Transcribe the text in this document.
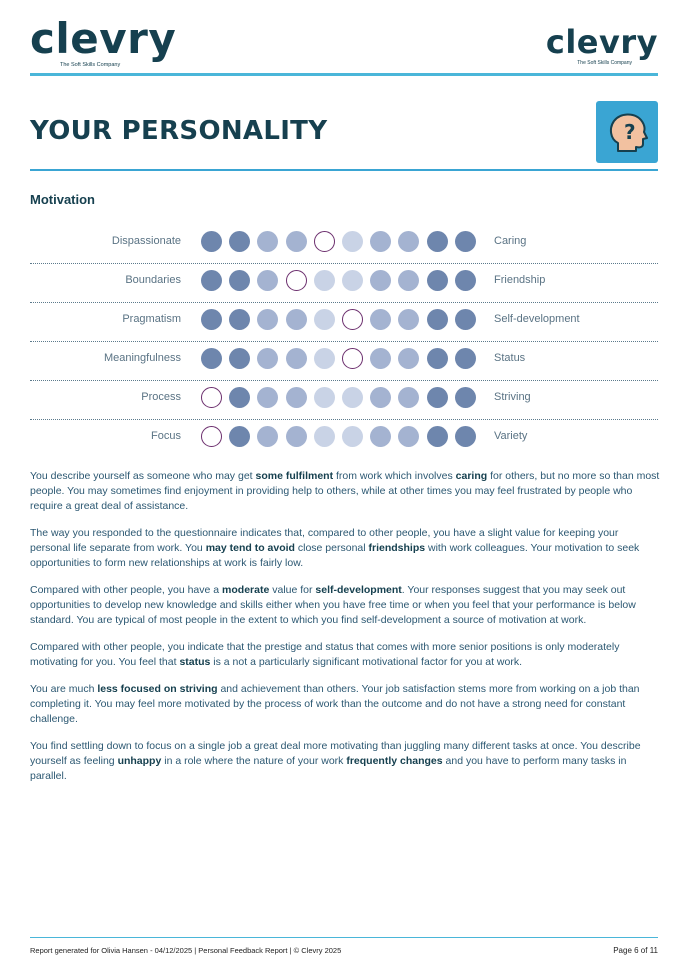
clevry
The Soft Skills Company
clevry
The Soft Skills Company
YOUR PERSONALITY	?
Motivation
Dispassionate	Caring
Boundaries	Friendship
Pragmatism	Self-development
Meaningfulness	Status
Process	Striving
Focus	Variety

You describe yourself as someone who may get some fulfilment from work which involves caring for others, but no more so than most people. You may sometimes find enjoyment in providing help to others, while at other times you may feel frustrated by people who require a great deal of assistance.

The way you responded to the questionnaire indicates that, compared to other people, you have a slight value for keeping your personal life separate from work. You may tend to avoid close personal friendships with work colleagues. Your motivation to seek opportunities to form new relationships at work is fairly low.

Compared with other people, you have a moderate value for self-development. Your responses suggest that you may seek out opportunities to develop new knowledge and skills either when you have free time or when you feel that your performance is below standard. You are typical of most people in the extent to which you find self-development a source of motivation at work.

Compared with other people, you indicate that the prestige and status that comes with more senior positions is only moderately motivating for you. You feel that status is a not a particularly significant motivational factor for you at work.

You are much less focused on striving and achievement than others. Your job satisfaction stems more from working on a job than completing it. You may feel more motivated by the process of work than the outcome and do not have a strong need for constant challenge.

You find settling down to focus on a single job a great deal more motivating than juggling many different tasks at once. You describe yourself as feeling unhappy in a role where the nature of your work frequently changes and you have to perform many tasks in parallel.

Report generated for Olivia Hansen - 04/12/2025 | Personal Feedback Report | © Clevry 2025	Page 6 of 11
